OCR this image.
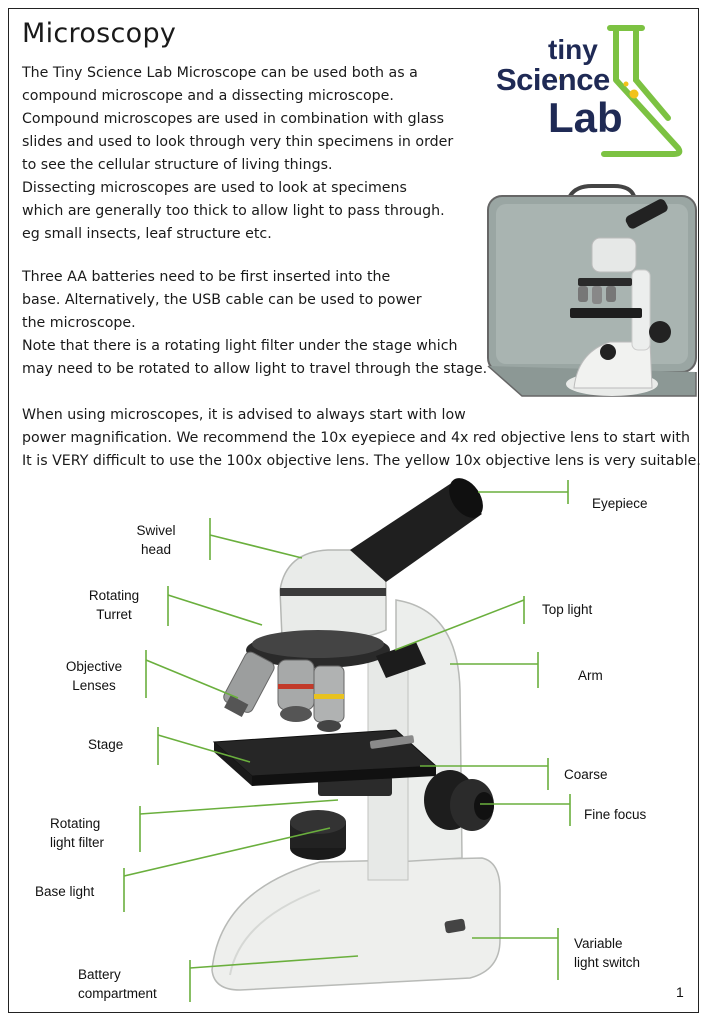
Microscopy

The Tiny Science Lab Microscope can be used both as a
compound microscope and a dissecting microscope.
Compound microscopes are used in combination with glass
slides and used to look through very thin specimens in order
to see the cellular structure of living things.
Dissecting microscopes are used to look at specimens
which are generally too thick to allow light to pass through.
eg small insects, leaf structure etc.

Three AA batteries need to be first inserted into the
base. Alternatively, the USB cable can be used to power
the microscope.
Note that there is a rotating light filter under the stage which
may need to be rotated to allow light to travel through the stage.

When using microscopes, it is advised to always start with low
power magnification. We recommend the 10x eyepiece and 4x red objective lens to start with
It is VERY difficult to use the 100x objective lens. The yellow 10x objective lens is very suitable.

tiny
Science
Lab

Eyepiece

Swivel
head

Rotating
Turret	Top light

Objective
Lenses

Arm

Stage

Coarse

Fine focus

Rotating
light filter

Base light

Variable
light switch

Battery
compartment	1
